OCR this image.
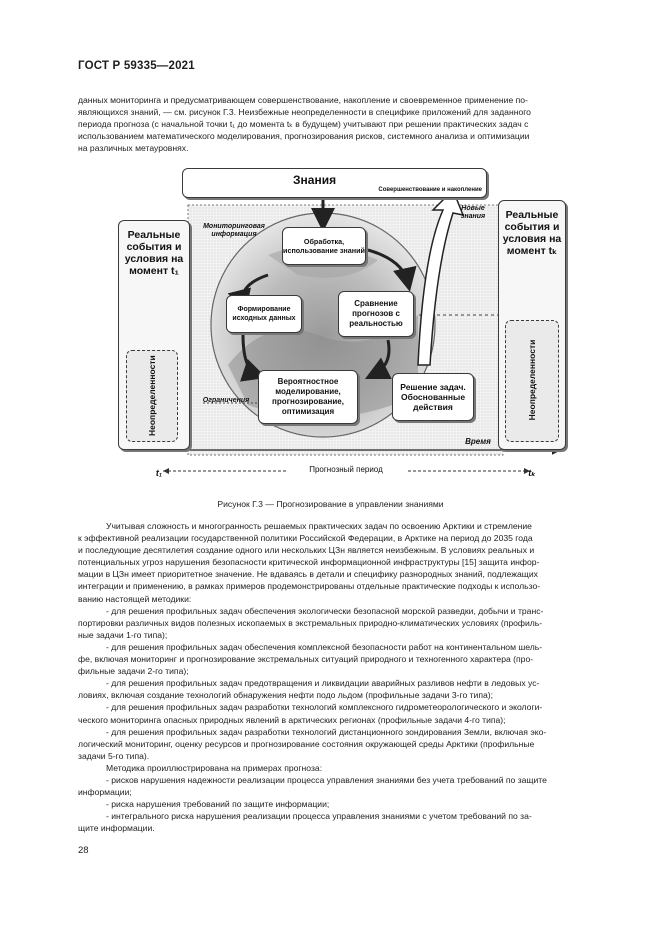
ГОСТ Р 59335—2021

данных мониторинга и предусматривающем совершенствование, накопление и своевременное применение по-

являющихся знаний, — см. рисунок Г.3. Неизбежные неопределенности в специфике приложений для заданного

периода прогноза (с начальной точки t₁ до момента tₖ в будущем) учитывают при решении практических задач с

использованием математического моделирования, прогнозирования рисков, системного анализа и оптимизации

на различных метауровнях.

Знания
Совершенствование и накопление
Реальные события и условия на момент t₁
Неопределенности
Реальные события и условия на момент tₖ
Неопределенности
Мониторинговая информация
Обработка, использование знаний
Формирование исходных данных
Сравнение прогнозов с реальностью
Вероятностное моделирование, прогнозирование, оптимизация
Решение задач. Обоснованные действия
Новые знания
Ограничения
Время
t₁	tₖ
Прогнозный период
Рисунок Г.3 — Прогнозирование в управлении знаниями

Учитывая сложность и многогранность решаемых практических задач по освоению Арктики и стремление

к эффективной реализации государственной политики Российской Федерации, в Арктике на период до 2035 года

и последующие десятилетия создание одного или нескольких ЦЗн является неизбежным. В условиях реальных и

потенциальных угроз нарушения безопасности критической информационной инфраструктуры [15] защита инфор-

мации в ЦЗн имеет приоритетное значение. Не вдаваясь в детали и специфику разнородных знаний, подлежащих

интеграции и применению, в рамках примеров продемонстрированы отдельные практические подходы к использо-

ванию настоящей методики:

- для решения профильных задач обеспечения экологически безопасной морской разведки, добычи и транс-

портировки различных видов полезных ископаемых в экстремальных природно-климатических условиях (профиль-

ные задачи 1-го типа);

- для решения профильных задач обеспечения комплексной безопасности работ на континентальном шель-

фе, включая мониторинг и прогнозирование экстремальных ситуаций природного и техногенного характера (про-

фильные задачи 2-го типа);

- для решения профильных задач предотвращения и ликвидации аварийных разливов нефти в ледовых ус-

ловиях, включая создание технологий обнаружения нефти подо льдом (профильные задачи 3-го типа);

- для решения профильных задач разработки технологий комплексного гидрометеорологического и экологи-

ческого мониторинга опасных природных явлений в арктических регионах (профильные задачи 4-го типа);

- для решения профильных задач разработки технологий дистанционного зондирования Земли, включая эко-

логический мониторинг, оценку ресурсов и прогнозирование состояния окружающей среды Арктики (профильные

задачи 5-го типа).

Методика проиллюстрирована на примерах прогноза:

- рисков нарушения надежности реализации процесса управления знаниями без учета требований по защите

информации;

- риска нарушения требований по защите информации;

- интегрального риска нарушения реализации процесса управления знаниями с учетом требований по за-

щите информации.

28
